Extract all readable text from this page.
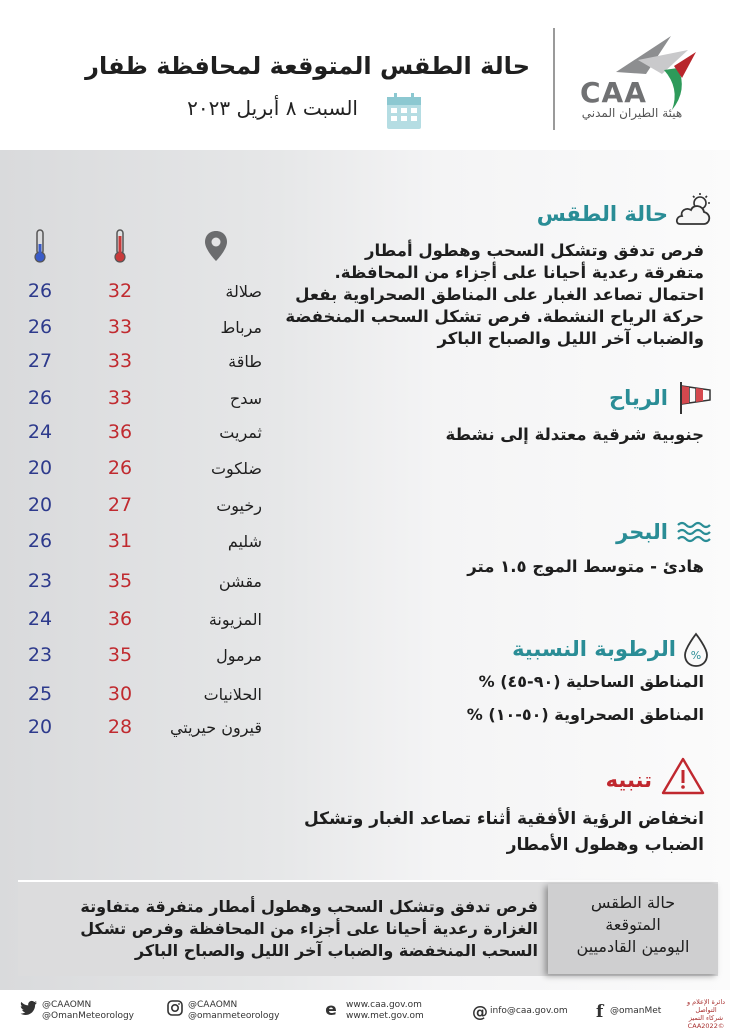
CAA
هيئة الطيران المدني
حالة الطقس المتوقعة لمحافظة ظفار
السبت ٨ أبريل ٢٠٢٣
صلالة
32
26
مرباط
33
26
طاقة
33
27
سدح
33
26
ثمريت
36
24
ضلكوت
26
20
رخيوت
27
20
شليم
31
26
مقشن
35
23
المزيونة
36
24
مرمول
35
23
الحلانيات
30
25
قيرون حيريتي
28
20
حالة الطقس
فرص تدفق وتشكل السحب وهطول أمطار
متفرقة رعدية أحيانا على أجزاء من المحافظة.
احتمال تصاعد الغبار على المناطق الصحراوية بفعل
حركة الرياح النشطة. فرص تشكل السحب المنخفضة
والضباب آخر الليل والصباح الباكر
الرياح
جنوبية شرقية معتدلة إلى نشطة
البحر
هادئ - متوسط الموج ١.٥ متر
%
الرطوبة النسبية
المناطق الساحلية (٩٠-٤٥) %
المناطق الصحراوية (٥٠-١٠) %
تنبيه
انخفاض الرؤية الأفقية أثناء تصاعد الغبار وتشكل
الضباب وهطول الأمطار
فرص تدفق وتشكل السحب وهطول أمطار متفرقة متفاوتة
الغزارة رعدية أحيانا على أجزاء من المحافظة وفرص تشكل
السحب المنخفضة والضباب آخر الليل والصباح الباكر
حالة الطقس
المتوقعة
اليومين القادميين
@CAAOMN
@OmanMeteorology
@CAAOMN
@omanmeteorology	e www.caa.gov.om
www.met.gov.om	@ info@caa.gov.om f @omanMet
دائرة الإعلام و التواصل
شركاء التميز
©CAA2022
